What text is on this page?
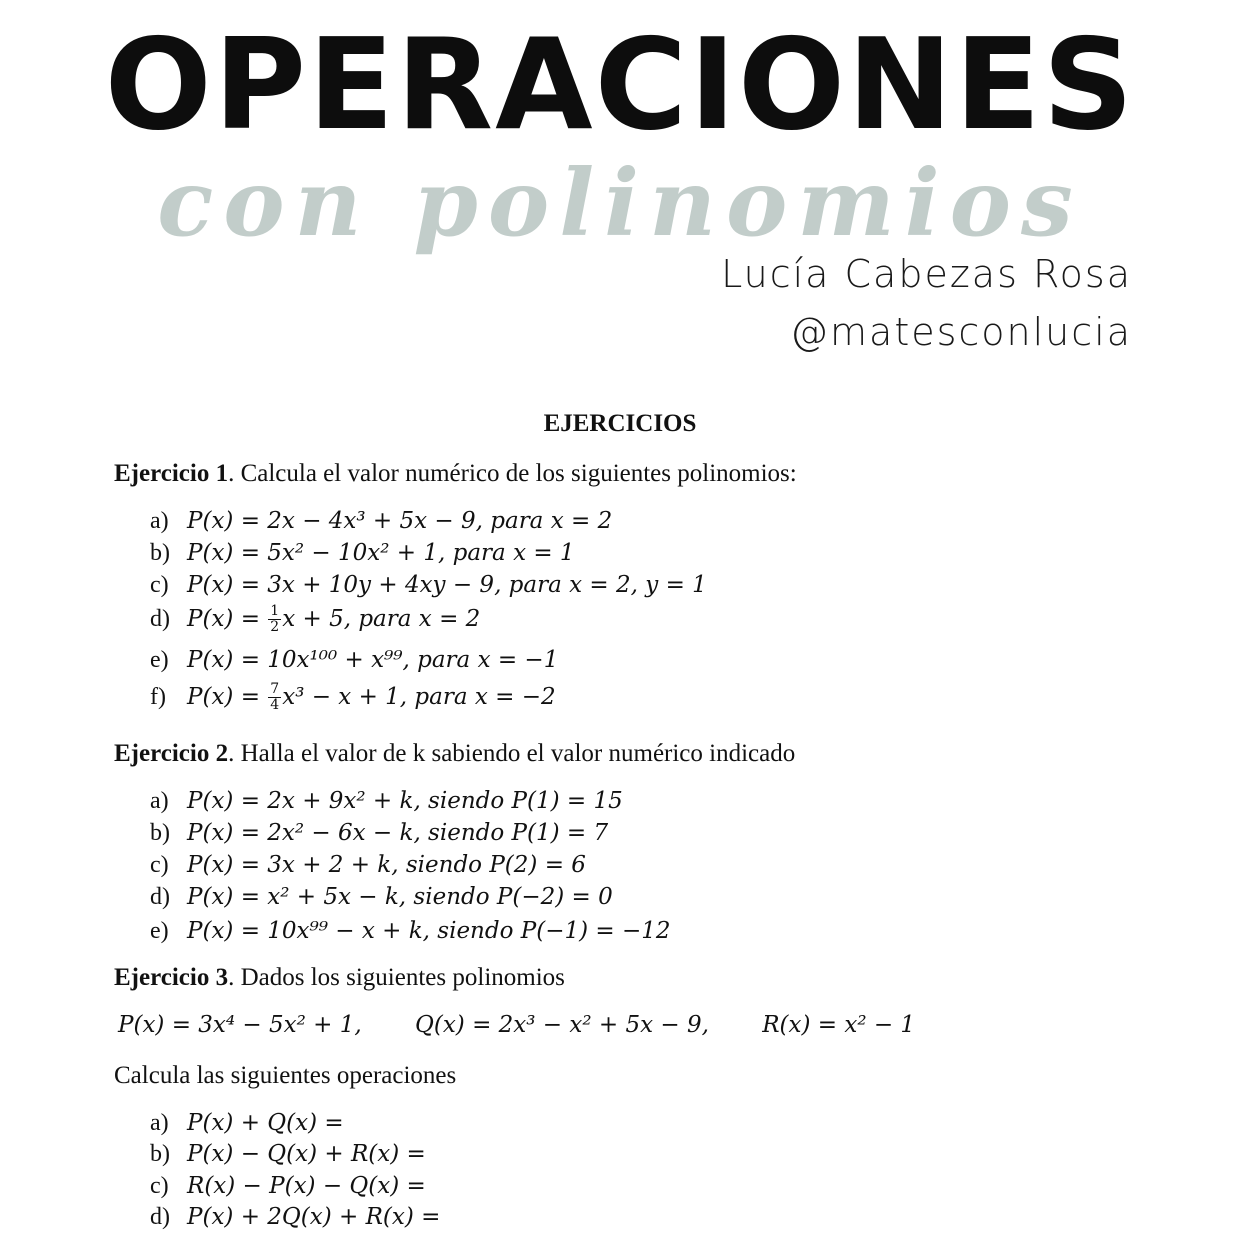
OPERACIONES
con polinomios
Lucía Cabezas Rosa
@matesconlucia
EJERCICIOS
Ejercicio 1. Calcula el valor numérico de los siguientes polinomios:
a) P(x) = 2x − 4x³ + 5x − 9, para x = 2
b) P(x) = 5x² − 10x² + 1, para x = 1
c) P(x) = 3x + 10y + 4xy − 9, para x = 2, y = 1
d) $P(x) = \frac{1}{2}$ x + 5, para x = 2
e) P(x) = 10x¹⁰⁰ + x⁹⁹, para x = −1
f) $P(x) = \frac{7}{4} x^3 - x + 1$, para x = −2
Ejercicio 2. Halla el valor de k sabiendo el valor numérico indicado
a) P(x) = 2x + 9x² + k, siendo P(1) = 15
b) P(x) = 2x² − 6x − k, siendo P(1) = 7
c) P(x) = 3x + 2 + k, siendo P(2) = 6
d) P(x) = x² + 5x − k, siendo P(−2) = 0
e) P(x) = 10x⁹⁹ − x + k, siendo P(−1) = −12
Ejercicio 3. Dados los siguientes polinomios
P(x) = 3x⁴ − 5x² + 1, Q(x) = 2x³ − x² + 5x − 9, R(x) = x² − 1
Calcula las siguientes operaciones
a) P(x) + Q(x) =
b) P(x) − Q(x) + R(x) =
c) R(x) − P(x) − Q(x) =
d) P(x) + 2Q(x) + R(x) =
